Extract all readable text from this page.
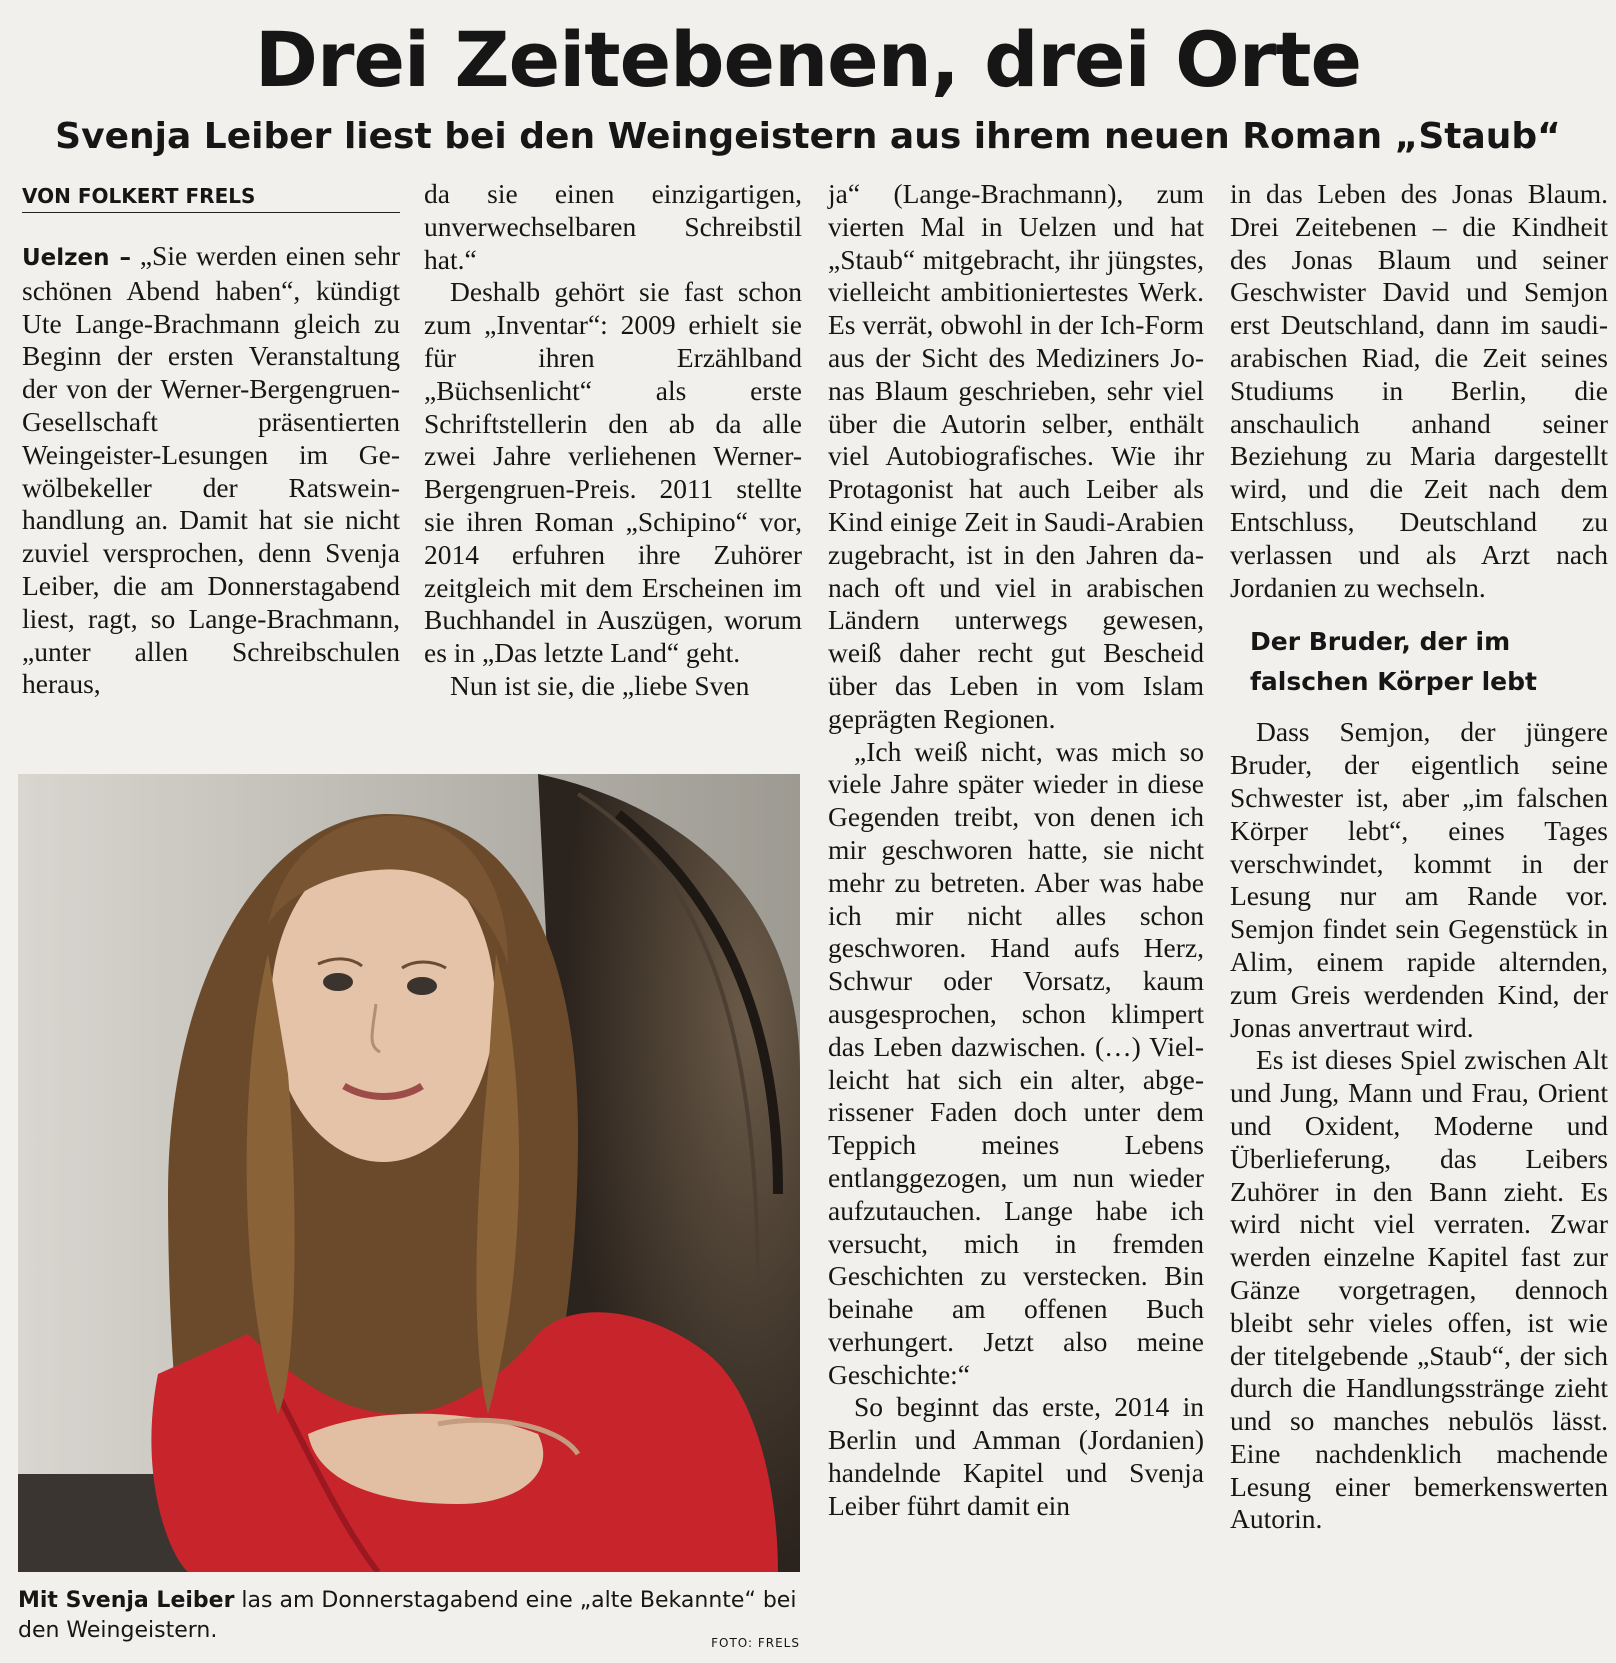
Drei Zeitebenen, drei Orte
Svenja Leiber liest bei den Weingeistern aus ihrem neuen Roman „Staub“
VON FOLKERT FRELS

Uelzen – „Sie werden einen sehr schönen Abend haben“, kündigt Ute Lange-Brachmann gleich zu Beginn der ersten Veranstaltung der von der Werner-Bergengruen-Gesellschaft präsentierten Weingeister-Lesungen im Gewölbekeller der Ratsweinhandlung an. Damit hat sie nicht zuviel versprochen, denn Svenja Leiber, die am Donnerstagabend liest, ragt, so Lange-Brachmann, „unter allen Schreibschulen heraus,

da sie einen einzigartigen, unverwechselbaren Schreibstil hat.“

Deshalb gehört sie fast schon zum „Inventar“: 2009 erhielt sie für ihren Erzählband „Büchsenlicht“ als erste Schriftstellerin den ab da alle zwei Jahre verliehenen Werner-Bergengruen-Preis. 2011 stellte sie ihren Roman „Schipino“ vor, 2014 erfuhren ihre Zuhörer zeitgleich mit dem Erscheinen im Buchhandel in Auszügen, worum es in „Das letzte Land“ geht.

Nun ist sie, die „liebe Sven

Mit Svenja Leiber las am Donnerstagabend eine „alte Bekannte“ bei den Weingeistern.	FOTO: FRELS

ja“ (Lange-Brachmann), zum vierten Mal in Uelzen und hat „Staub“ mitgebracht, ihr jüngstes, vielleicht ambitioniertestes Werk. Es verrät, obwohl in der Ich-Form aus der Sicht des Mediziners Jonas Blaum geschrieben, sehr viel über die Autorin selber, enthält viel Autobiografisches. Wie ihr Protagonist hat auch Leiber als Kind einige Zeit in Saudi-Arabien zugebracht, ist in den Jahren danach oft und viel in arabischen Ländern unterwegs gewesen, weiß daher recht gut Bescheid über das Leben in vom Islam geprägten Regionen.

„Ich weiß nicht, was mich so viele Jahre später wieder in diese Gegenden treibt, von denen ich mir geschworen hatte, sie nicht mehr zu betreten. Aber was habe ich mir nicht alles schon geschworen. Hand aufs Herz, Schwur oder Vorsatz, kaum ausgesprochen, schon klimpert das Leben dazwischen. (…) Vielleicht hat sich ein alter, abgerissener Faden doch unter dem Teppich meines Lebens entlanggezogen, um nun wieder aufzutauchen. Lange habe ich versucht, mich in fremden Geschichten zu verstecken. Bin beinahe am offenen Buch verhungert. Jetzt also meine Geschichte:“

So beginnt das erste, 2014 in Berlin und Amman (Jordanien) handelnde Kapitel und Svenja Leiber führt damit ein

in das Leben des Jonas Blaum. Drei Zeitebenen – die Kindheit des Jonas Blaum und seiner Geschwister David und Semjon erst Deutschland, dann im saudi-arabischen Riad, die Zeit seines Studiums in Berlin, die anschaulich anhand seiner Beziehung zu Maria dargestellt wird, und die Zeit nach dem Entschluss, Deutschland zu verlassen und als Arzt nach Jordanien zu wechseln.

Der Bruder, der im falschen Körper lebt

Dass Semjon, der jüngere Bruder, der eigentlich seine Schwester ist, aber „im falschen Körper lebt“, eines Tages verschwindet, kommt in der Lesung nur am Rande vor. Semjon findet sein Gegenstück in Alim, einem rapide alternden, zum Greis werdenden Kind, der Jonas anvertraut wird.

Es ist dieses Spiel zwischen Alt und Jung, Mann und Frau, Orient und Oxident, Moderne und Überlieferung, das Leibers Zuhörer in den Bann zieht. Es wird nicht viel verraten. Zwar werden einzelne Kapitel fast zur Gänze vorgetragen, dennoch bleibt sehr vieles offen, ist wie der titelgebende „Staub“, der sich durch die Handlungsstränge zieht und so manches nebulös lässt. Eine nachdenklich machende Lesung einer bemerkenswerten Autorin.
